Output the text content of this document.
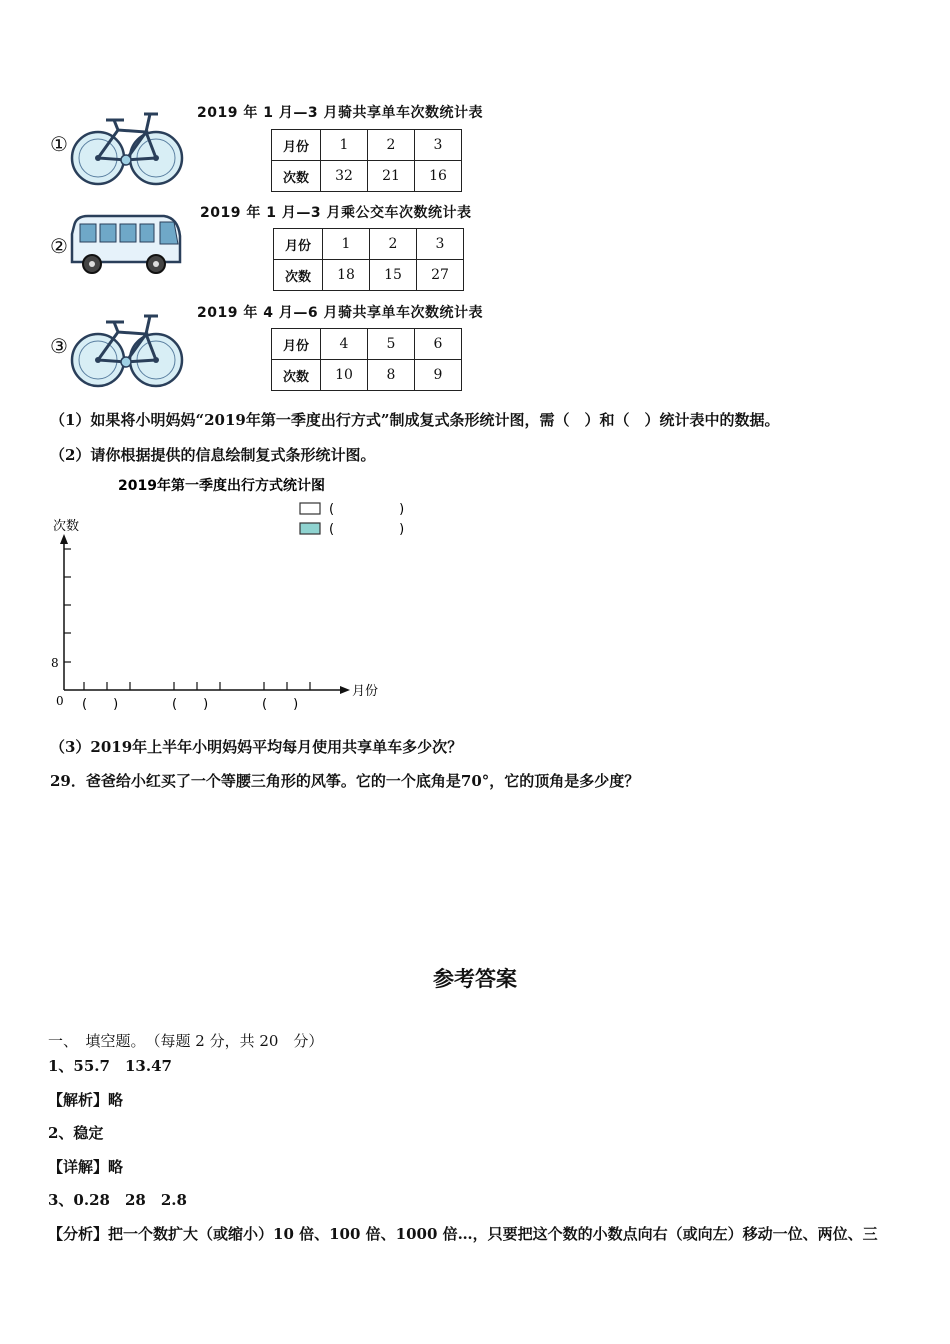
①
2019 年 1 月—3 月骑共享单车次数统计表
月份	1	2	3
次数	32	21	16
②
2019 年 1 月—3 月乘公交车次数统计表
月份	1	2	3
次数	18	15	27
③
2019 年 4 月—6 月骑共享单车次数统计表
月份	4	5	6
次数	10	8	9
（1）如果将小明妈妈“2019年第一季度出行方式”制成复式条形统计图，需（　）和（　）统计表中的数据。
（2）请你根据提供的信息绘制复式条形统计图。
2019年第一季度出行方式统计图
(　　　　　)
(　　　　　)
次数
月份
0
8
(　　)	(　　)	(　　)
（3）2019年上半年小明妈妈平均每月使用共享单车多少次？
29．爸爸给小红买了一个等腰三角形的风筝。它的一个底角是70°，它的顶角是多少度？
参考答案
一、　填空题。　（每题 2 分，共 20　分）
1、55.7　13.47
【解析】略
2、稳定
【详解】略
3、0.28　28　2.8
【分析】把一个数扩大（或缩小）10 倍、100 倍、1000 倍…，只要把这个数的小数点向右（或向左）移动一位、两位、三
